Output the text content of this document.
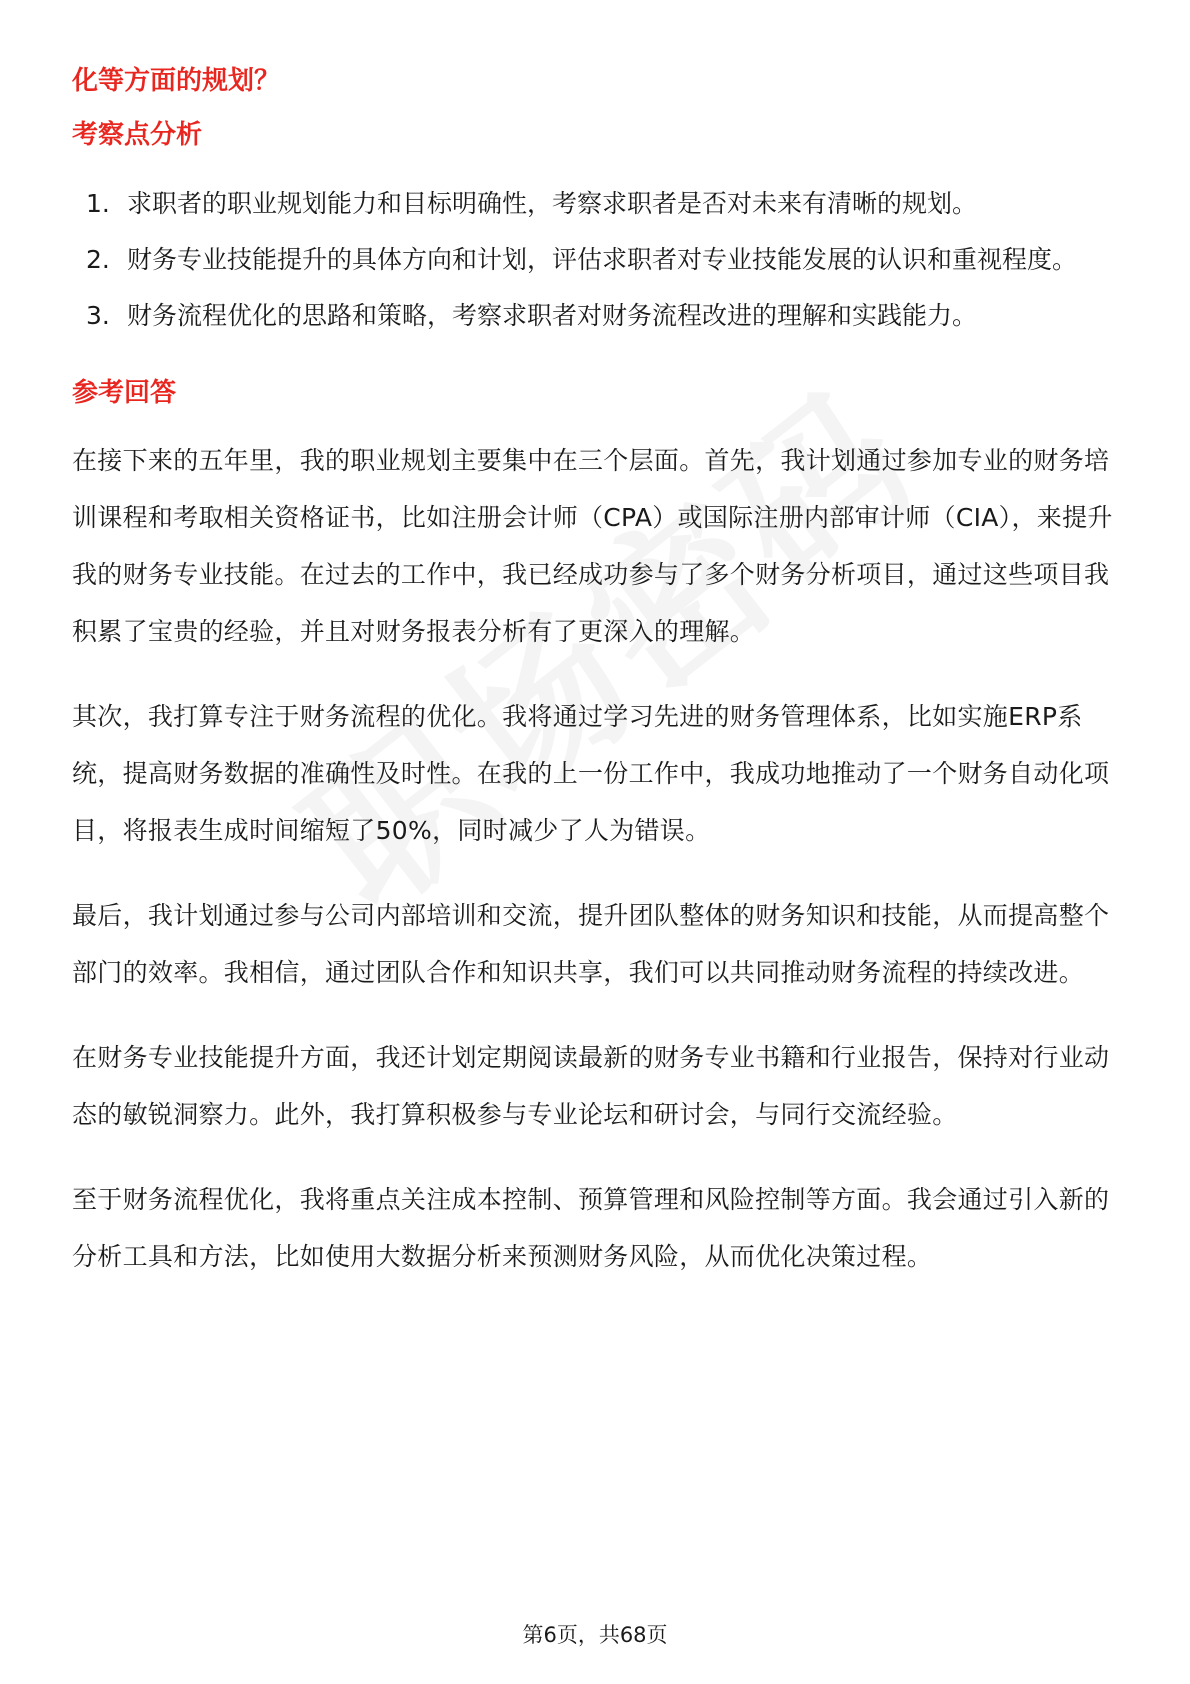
化等方面的规划？
考察点分析
1. 求职者的职业规划能力和目标明确性，考察求职者是否对未来有清晰的规划。
2. 财务专业技能提升的具体方向和计划，评估求职者对专业技能发展的认识和重视程度。
3. 财务流程优化的思路和策略，考察求职者对财务流程改进的理解和实践能力。
参考回答

在接下来的五年里，我的职业规划主要集中在三个层面。首先，我计划通过参加专业的财务培训课程和考取相关资格证书，比如注册会计师（CPA）或国际注册内部审计师（CIA），来提升我的财务专业技能。在过去的工作中，我已经成功参与了多个财务分析项目，通过这些项目我积累了宝贵的经验，并且对财务报表分析有了更深入的理解。

其次，我打算专注于财务流程的优化。我将通过学习先进的财务管理体系，比如实施ERP系统，提高财务数据的准确性及时性。在我的上一份工作中，我成功地推动了一个财务自动化项目，将报表生成时间缩短了50%，同时减少了人为错误。

最后，我计划通过参与公司内部培训和交流，提升团队整体的财务知识和技能，从而提高整个部门的效率。我相信，通过团队合作和知识共享，我们可以共同推动财务流程的持续改进。

在财务专业技能提升方面，我还计划定期阅读最新的财务专业书籍和行业报告，保持对行业动态的敏锐洞察力。此外，我打算积极参与专业论坛和研讨会，与同行交流经验。

至于财务流程优化，我将重点关注成本控制、预算管理和风险控制等方面。我会通过引入新的分析工具和方法，比如使用大数据分析来预测财务风险，从而优化决策过程。

第6页，共68页
